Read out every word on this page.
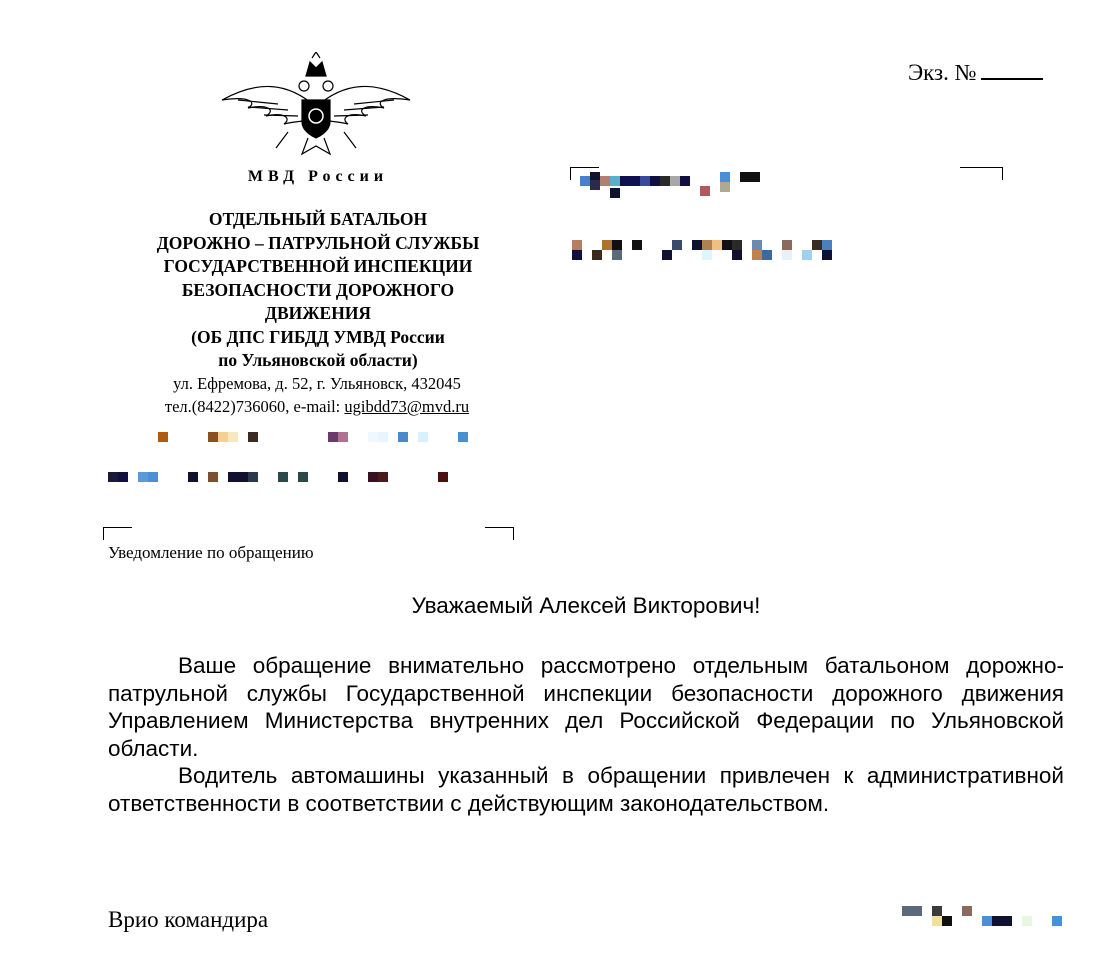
Экз. №
МВД России
ОТДЕЛЬНЫЙ БАТАЛЬОН
ДОРОЖНО – ПАТРУЛЬНОЙ СЛУЖБЫ
ГОСУДАРСТВЕННОЙ ИНСПЕКЦИИ
БЕЗОПАСНОСТИ ДОРОЖНОГО
ДВИЖЕНИЯ
(ОБ ДПС ГИБДД УМВД России
по Ульяновской области)
ул. Ефремова, д. 52, г. Ульяновск, 432045
тел.(8422)736060, e-mail: ugibdd73@mvd.ru
Уведомление по обращению
Уважаемый Алексей Викторович!

Ваше обращение внимательно рассмотрено отдельным батальоном дорожно-патрульной службы Государственной инспекции безопасности дорожного движения Управлением Министерства внутренних дел Российской Федерации по Ульяновской области.

Водитель автомашины указанный в обращении привлечен к административной ответственности в соответствии с действующим законодательством.

Врио командира
